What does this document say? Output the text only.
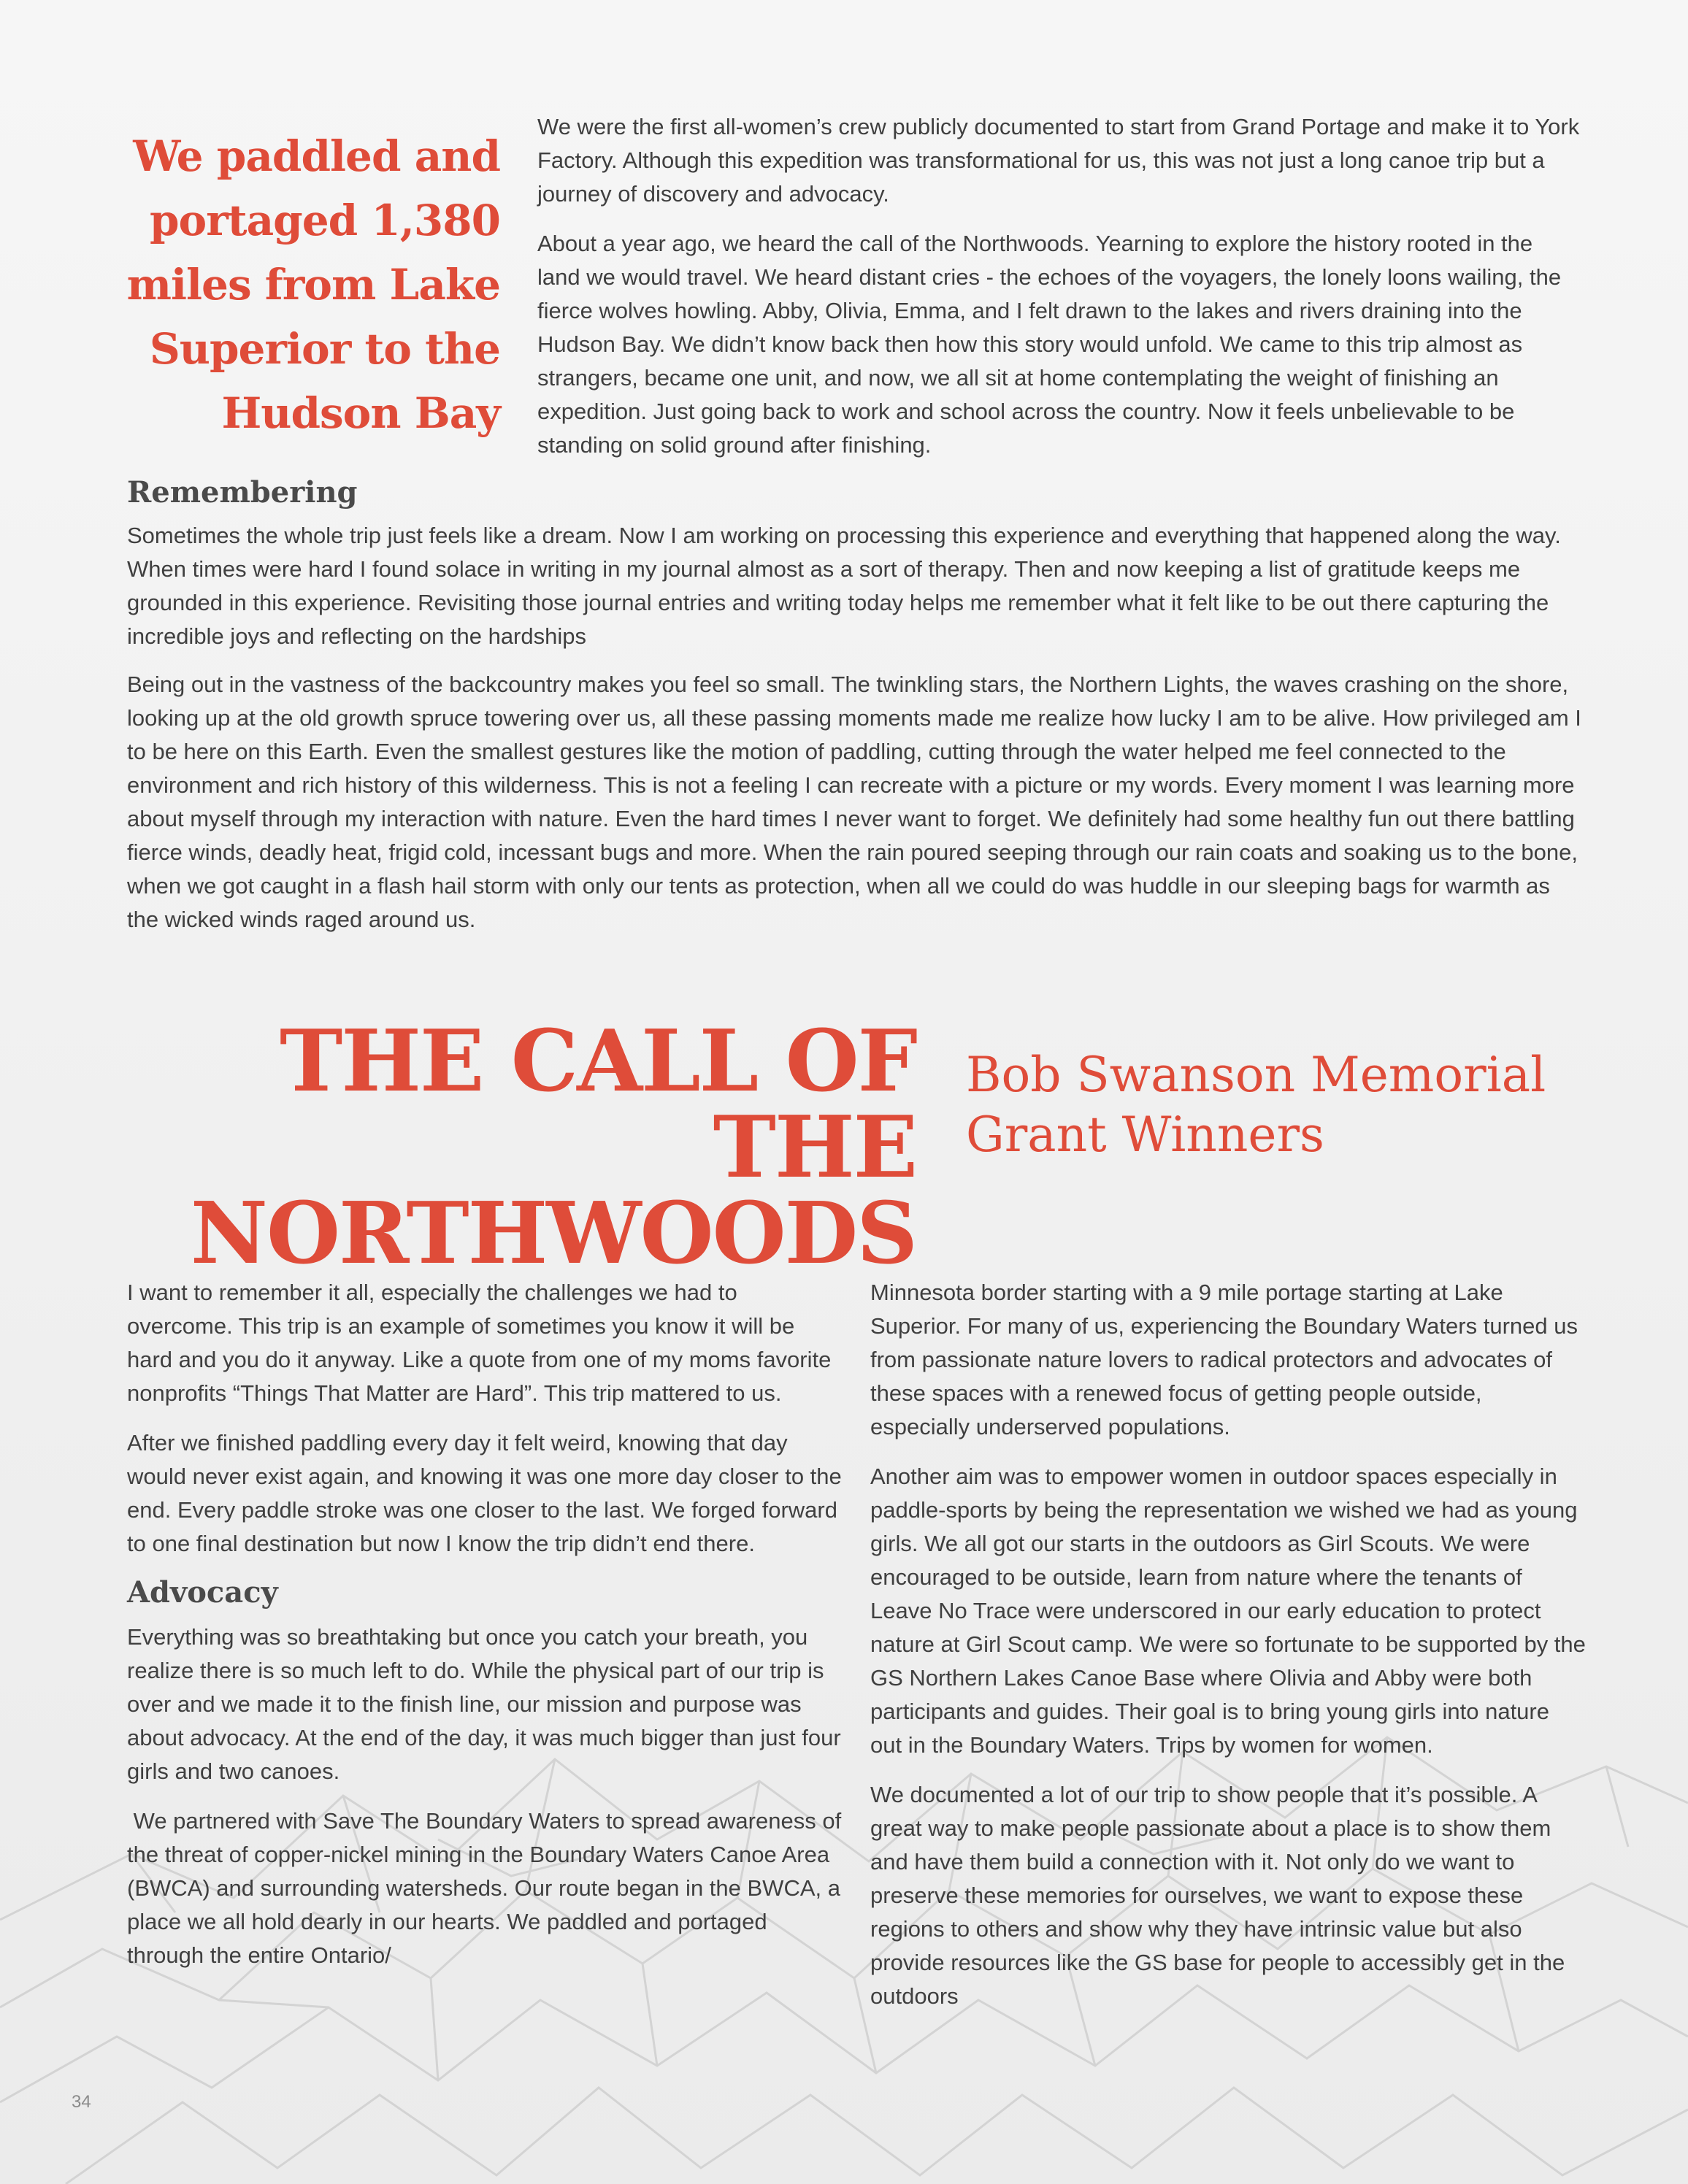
We paddled and portaged 1,380 miles from Lake Superior to the Hudson Bay

We were the first all-women’s crew publicly documented to start from Grand Portage and make it to York Factory. Although this expedition was transformational for us, this was not just a long canoe trip but a journey of discovery and advocacy.

About a year ago, we heard the call of the Northwoods. Yearning to explore the history rooted in the land we would travel. We heard distant cries - the echoes of the voyagers, the lonely loons wailing, the fierce wolves howling. Abby, Olivia, Emma, and I felt drawn to the lakes and rivers draining into the Hudson Bay. We didn’t know back then how this story would unfold. We came to this trip almost as strangers, became one unit, and now, we all sit at home contemplating the weight of finishing an expedition. Just going back to work and school across the country. Now it feels unbelievable to be standing on solid ground after finishing.

Remembering

Sometimes the whole trip just feels like a dream. Now I am working on processing this experience and everything that happened along the way. When times were hard I found solace in writing in my journal almost as a sort of therapy. Then and now keeping a list of gratitude keeps me grounded in this experience. Revisiting those journal entries and writing today helps me remember what it felt like to be out there capturing the incredible joys and reflecting on the hardships

Being out in the vastness of the backcountry makes you feel so small. The twinkling stars, the Northern Lights, the waves crashing on the shore, looking up at the old growth spruce towering over us, all these passing moments made me realize how lucky I am to be alive. How privileged am I to be here on this Earth. Even the smallest gestures like the motion of paddling, cutting through the water helped me feel connected to the environment and rich history of this wilderness. This is not a feeling I can recreate with a picture or my words. Every moment I was learning more about myself through my interaction with nature. Even the hard times I never want to forget. We definitely had some healthy fun out there battling fierce winds, deadly heat, frigid cold, incessant bugs and more. When the rain poured seeping through our rain coats and soaking us to the bone, when we got caught in a flash hail storm with only our tents as protection, when all we could do was huddle in our sleeping bags for warmth as the wicked winds raged around us.

THE CALL OF THE
NORTHWOODS
Bob Swanson Memorial
Grant Winners

I want to remember it all, especially the challenges we had to overcome. This trip is an example of sometimes you know it will be hard and you do it anyway. Like a quote from one of my moms favorite nonprofits “Things That Matter are Hard”. This trip mattered to us.

After we finished paddling every day it felt weird, knowing that day would never exist again, and knowing it was one more day closer to the end. Every paddle stroke was one closer to the last. We forged forward to one final destination but now I know the trip didn’t end there.

Advocacy

Everything was so breathtaking but once you catch your breath, you realize there is so much left to do. While the physical part of our trip is over and we made it to the finish line, our mission and purpose was about advocacy. At the end of the day, it was much bigger than just four girls and two canoes.

We partnered with Save The Boundary Waters to spread awareness of the threat of copper-nickel mining in the Boundary Waters Canoe Area (BWCA) and surrounding watersheds. Our route began in the BWCA, a place we all hold dearly in our hearts. We paddled and portaged through the entire Ontario/

Minnesota border starting with a 9 mile portage starting at Lake Superior. For many of us, experiencing the Boundary Waters turned us from passionate nature lovers to radical protectors and advocates of these spaces with a renewed focus of getting people outside, especially underserved populations.

Another aim was to empower women in outdoor spaces especially in paddle-sports by being the representation we wished we had as young girls. We all got our starts in the outdoors as Girl Scouts. We were encouraged to be outside, learn from nature where the tenants of Leave No Trace were underscored in our early education to protect nature at Girl Scout camp. We were so fortunate to be supported by the GS Northern Lakes Canoe Base where Olivia and Abby were both participants and guides. Their goal is to bring young girls into nature out in the Boundary Waters. Trips by women for women.

We documented a lot of our trip to show people that it’s possible. A great way to make people passionate about a place is to show them and have them build a connection with it. Not only do we want to preserve these memories for ourselves, we want to expose these regions to others and show why they have intrinsic value but also provide resources like the GS base for people to accessibly get in the outdoors

34
